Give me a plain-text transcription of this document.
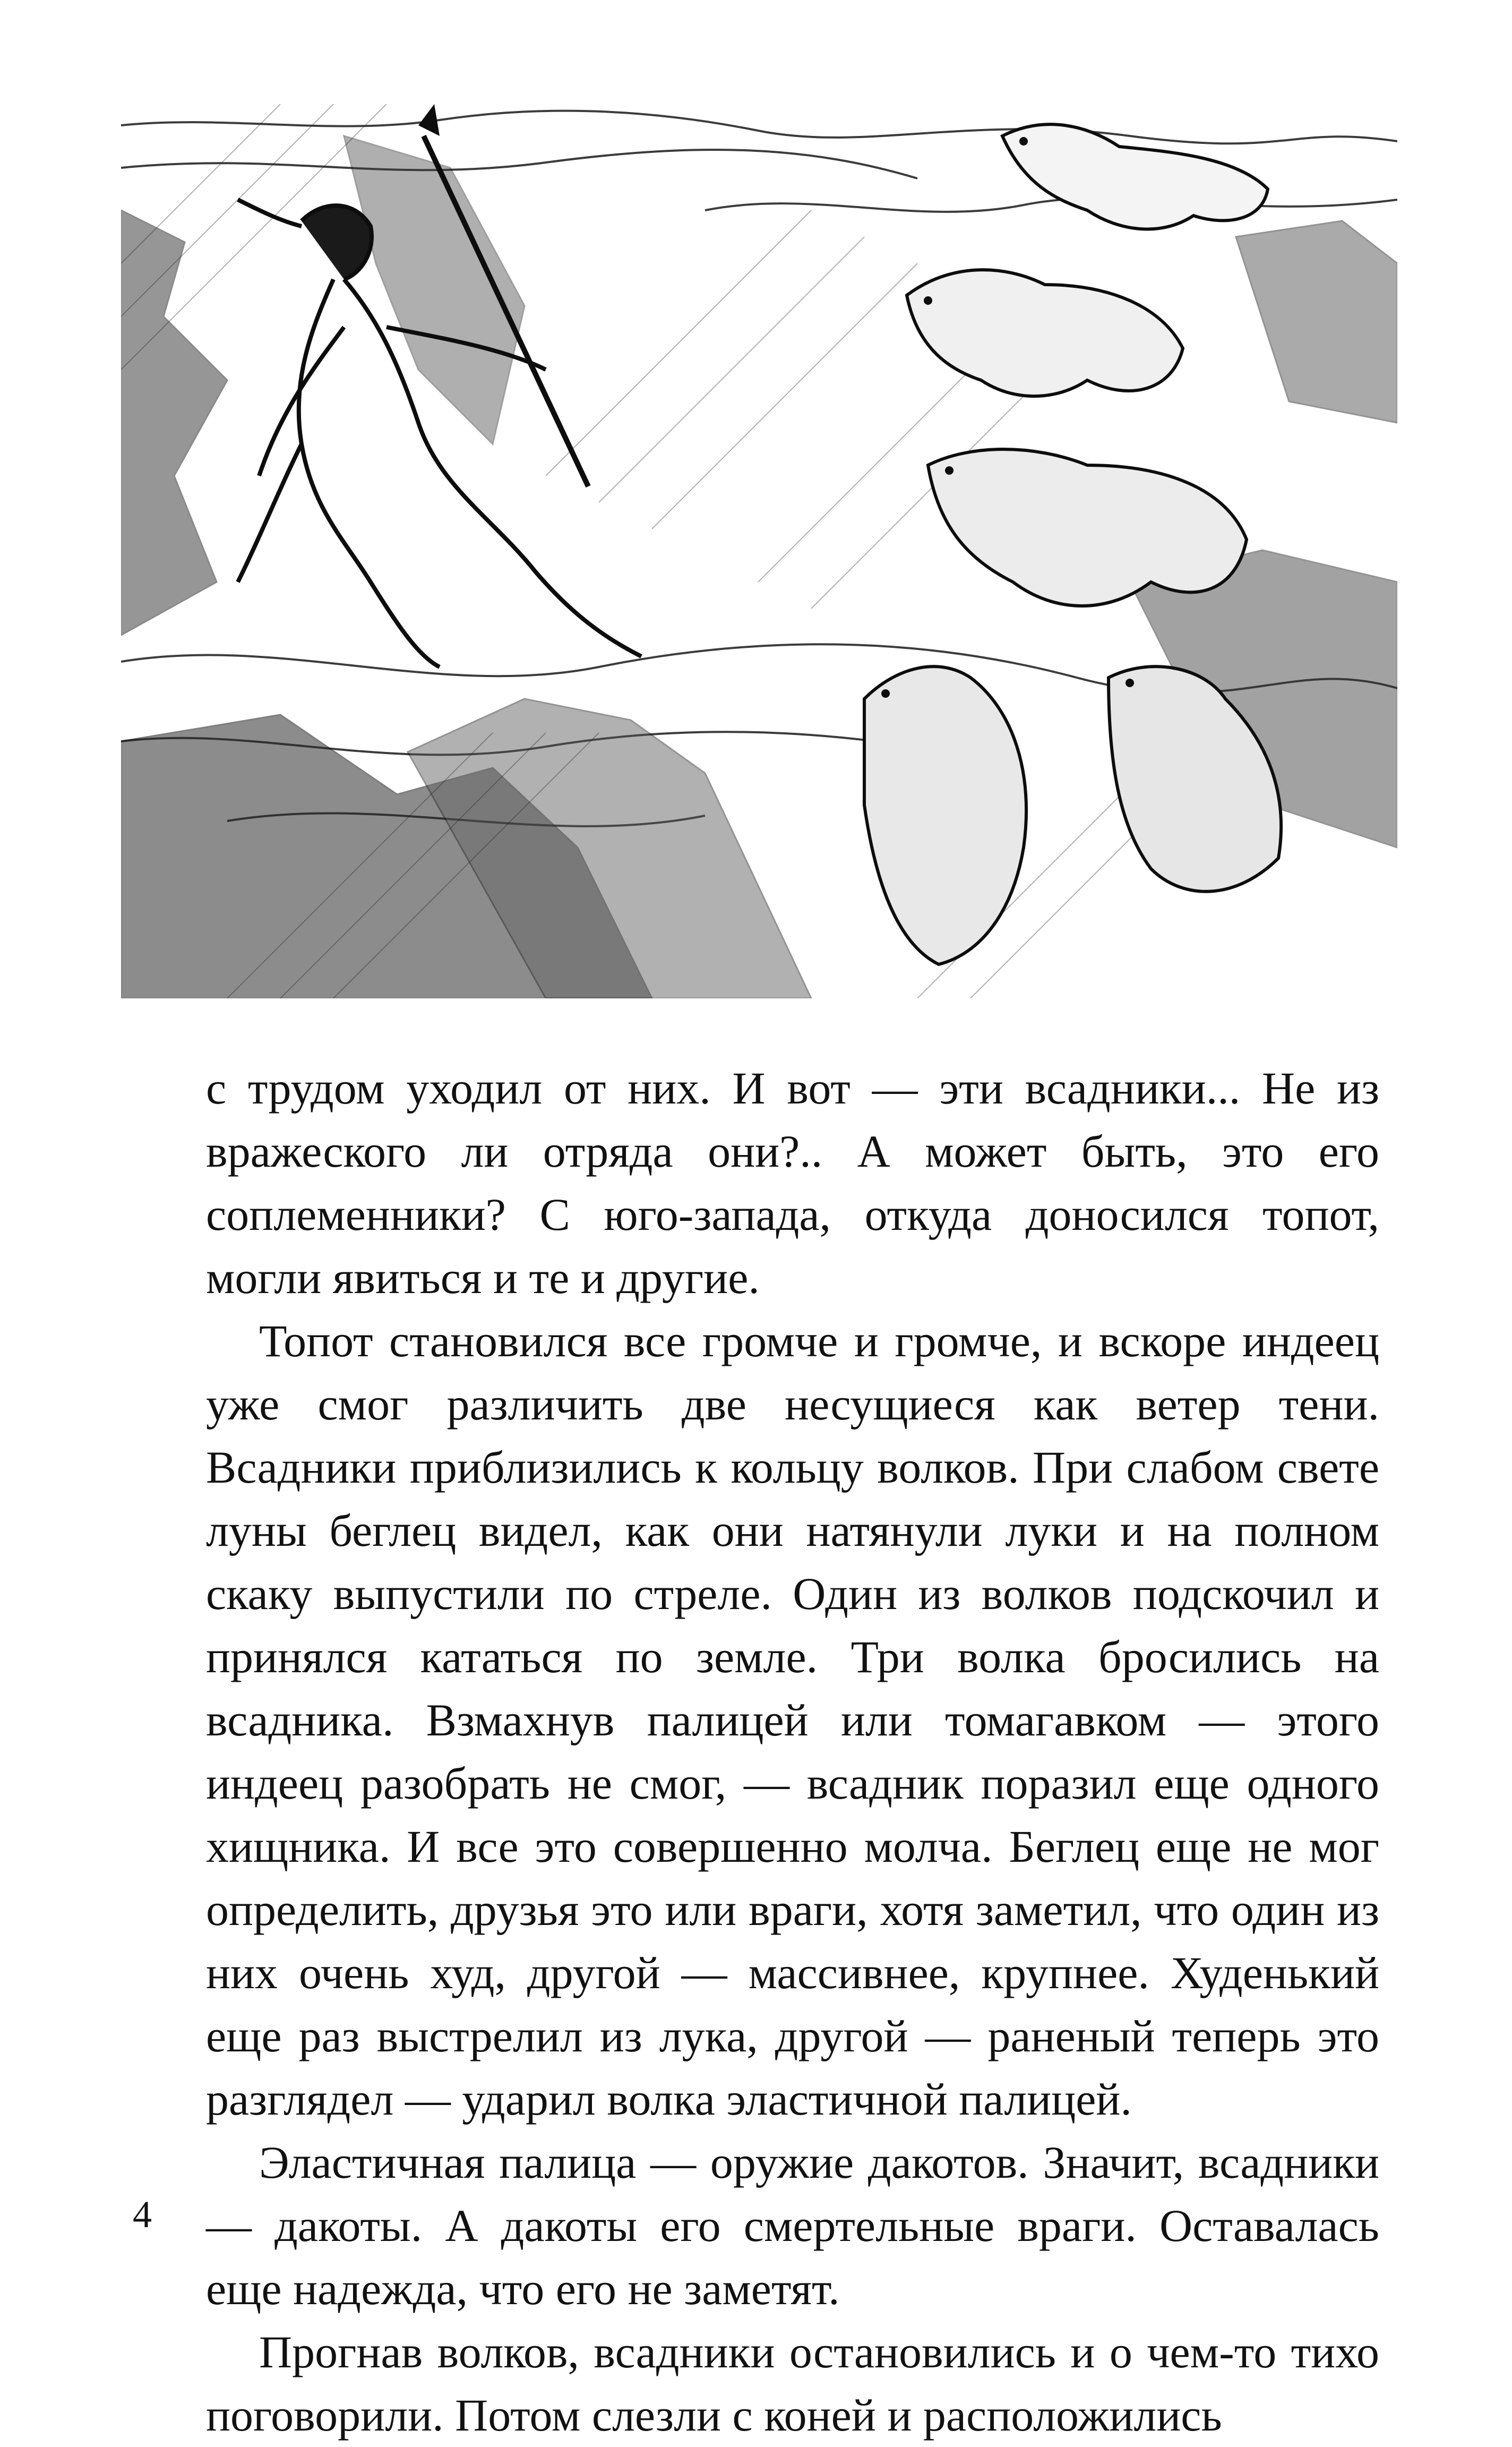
с трудом уходил от них. И вот — эти всадники... Не из вражеского ли отряда они?.. А может быть, это его соплеменники? С юго-запада, откуда доносился топот, могли явиться и те и другие.

Топот становился все громче и громче, и вскоре индеец уже смог различить две несущиеся как ветер тени. Всадники приблизились к кольцу волков. При слабом свете луны беглец видел, как они натянули луки и на полном скаку выпустили по стреле. Один из волков подскочил и принялся кататься по земле. Три волка бросились на всадника. Взмахнув палицей или томагавком — этого индеец разобрать не смог, — всадник поразил еще одного хищника. И все это совершенно молча. Беглец еще не мог определить, друзья это или враги, хотя заметил, что один из них очень худ, другой — массивнее, крупнее. Худенький еще раз выстрелил из лука, другой — раненый теперь это разглядел — ударил волка эластичной палицей.

Эластичная палица — оружие дакотов. Значит, всадники — дакоты. А дакоты его смертельные враги. Оставалась еще надежда, что его не заметят.

Прогнав волков, всадники остановились и о чем-то тихо поговорили. Потом слезли с коней и расположились

4
